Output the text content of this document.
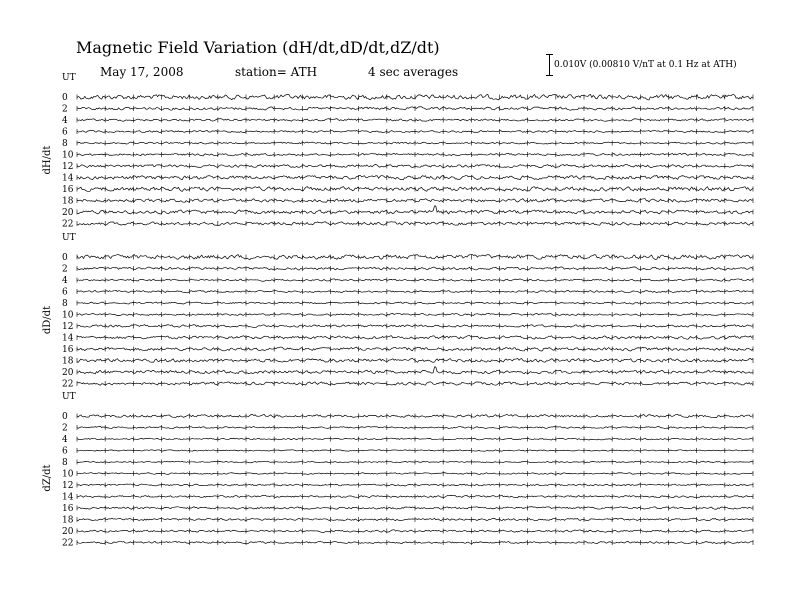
Magnetic Field Variation (dH/dt,dD/dt,dZ/dt)
May 17, 2008	station= ATH	4 sec averages	0.010V (0.00810 V/nT at 0.1 Hz at ATH)
UT
dH/dt
0
2
4
6
8
10
12
14
16
18
20
22
UT
dD/dt
0
2
4
6
8
10
12
14
16
18
20
22
UT
dZ/dt
0
2
4
6
8
10
12
14
16
18
20
22
